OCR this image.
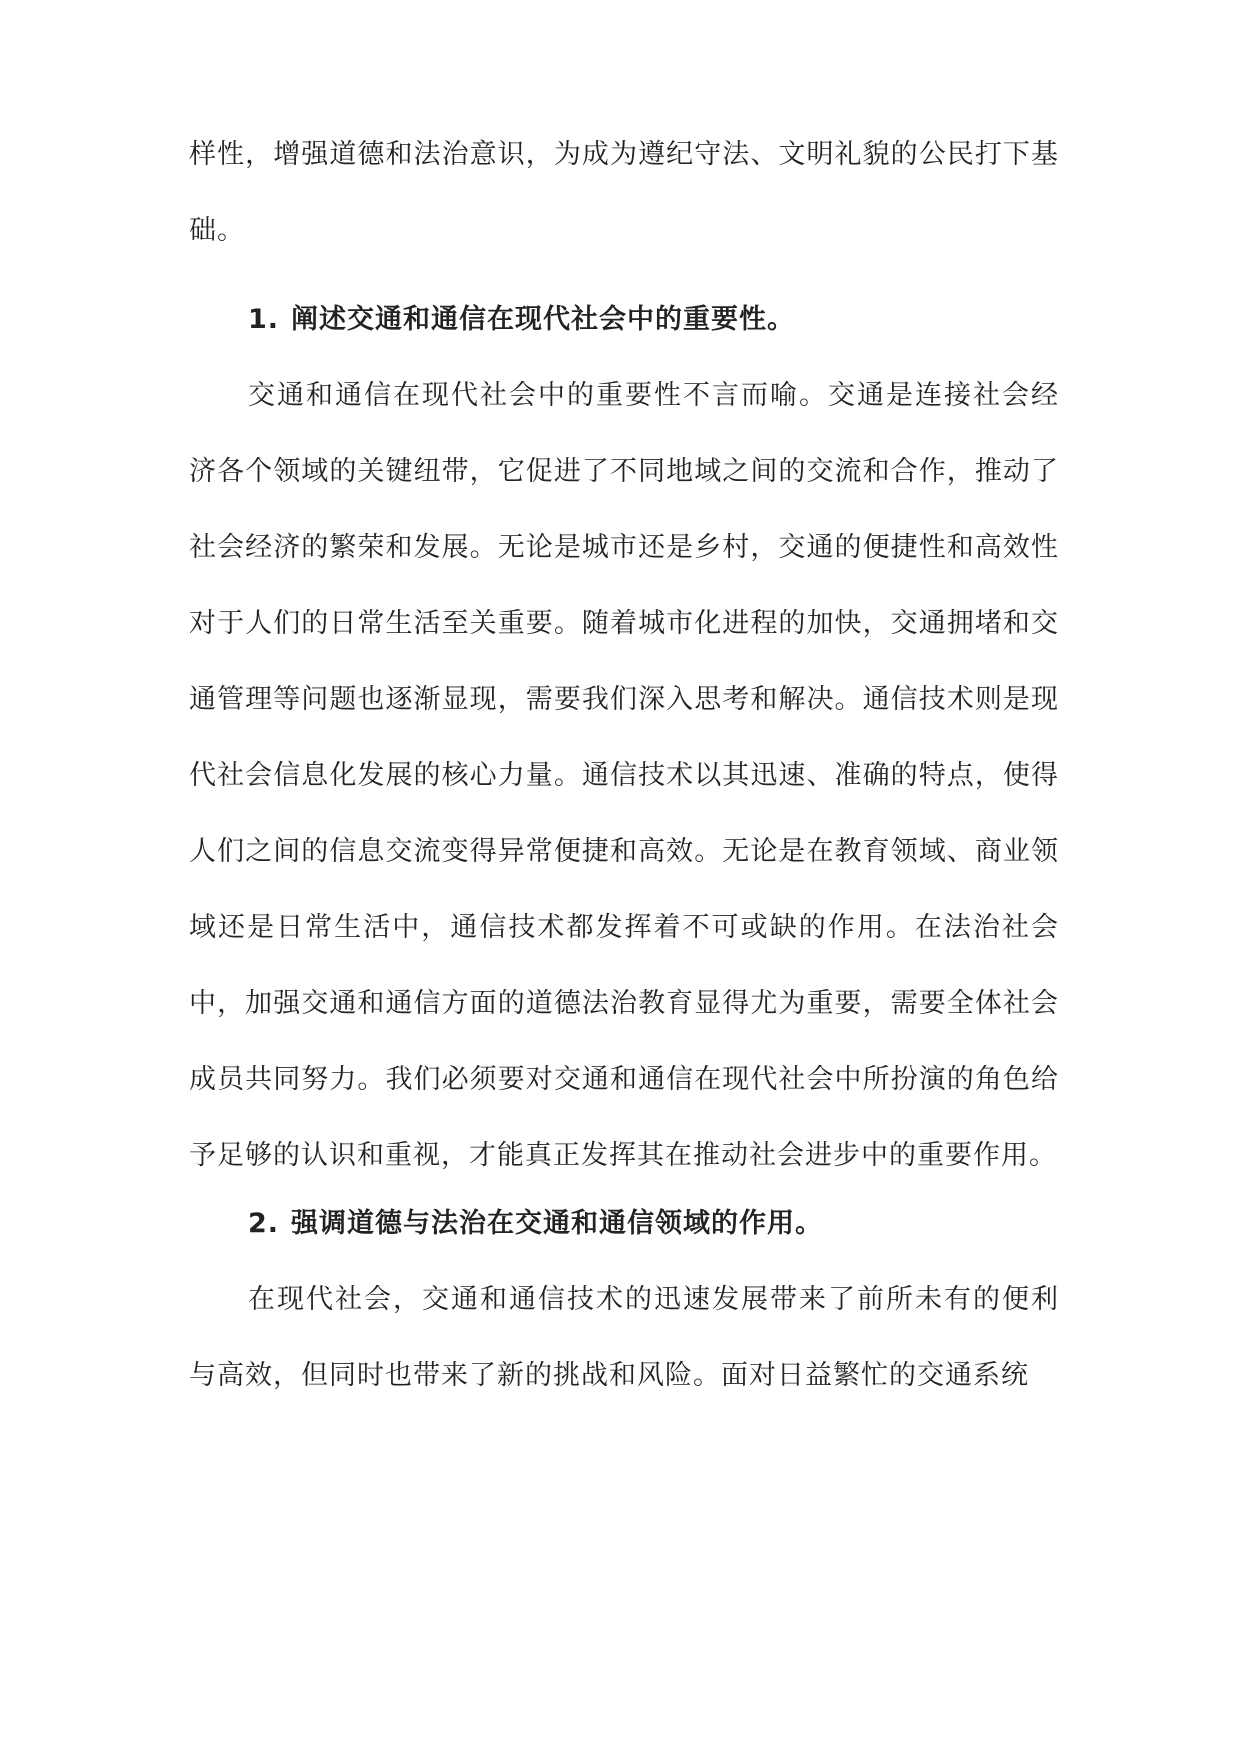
样性，增强道德和法治意识，为成为遵纪守法、文明礼貌的公民打下基础。

1. 阐述交通和通信在现代社会中的重要性。

交通和通信在现代社会中的重要性不言而喻。交通是连接社会经济各个领域的关键纽带，它促进了不同地域之间的交流和合作，推动了社会经济的繁荣和发展。无论是城市还是乡村，交通的便捷性和高效性对于人们的日常生活至关重要。随着城市化进程的加快，交通拥堵和交通管理等问题也逐渐显现，需要我们深入思考和解决。通信技术则是现代社会信息化发展的核心力量。通信技术以其迅速、准确的特点，使得人们之间的信息交流变得异常便捷和高效。无论是在教育领域、商业领域还是日常生活中，通信技术都发挥着不可或缺的作用。在法治社会中，加强交通和通信方面的道德法治教育显得尤为重要，需要全体社会成员共同努力。我们必须要对交通和通信在现代社会中所扮演的角色给予足够的认识和重视，才能真正发挥其在推动社会进步中的重要作用。

2. 强调道德与法治在交通和通信领域的作用。

在现代社会，交通和通信技术的迅速发展带来了前所未有的便利与高效，但同时也带来了新的挑战和风险。面对日益繁忙的交通系统
